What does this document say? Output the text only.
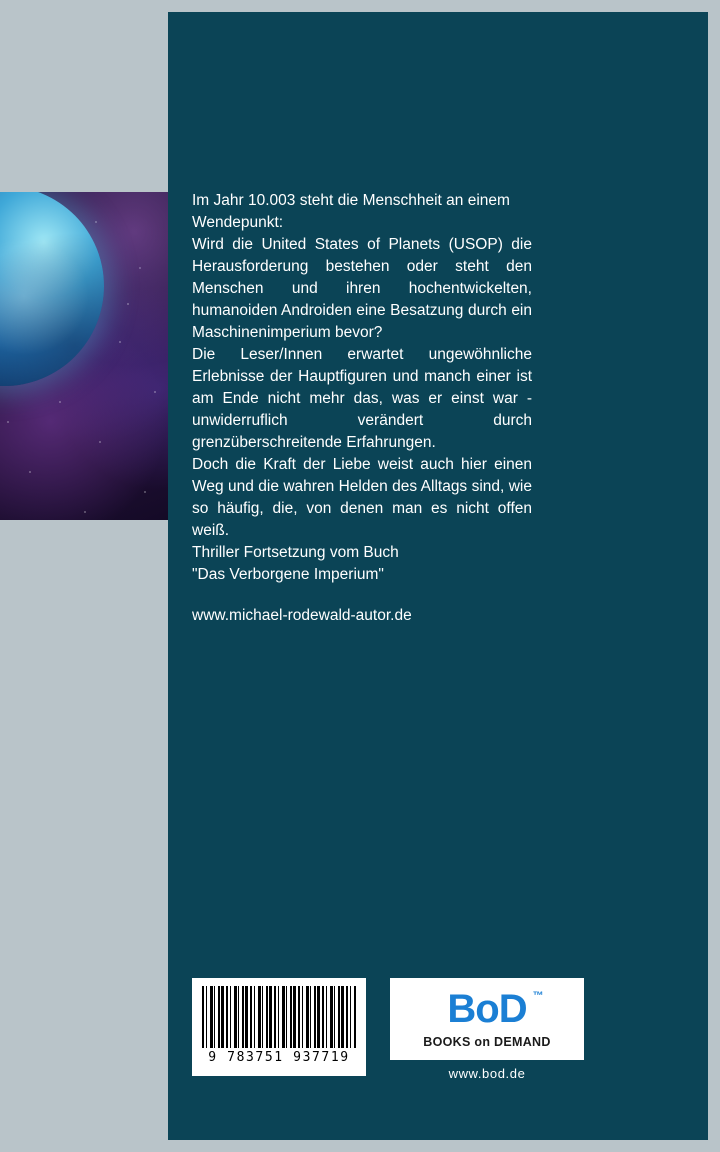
Im Jahr 10.003 steht die Menschheit an einem Wendepunkt:

Wird die United States of Planets (USOP) die Herausforderung bestehen oder steht den Menschen und ihren hochentwickelten, humanoiden Androiden eine Besatzung durch ein Maschinenimperium bevor?

Die Leser/Innen erwartet ungewöhnliche Erlebnisse der Hauptfiguren und manch einer ist am Ende nicht mehr das, was er einst war - unwiderruflich verändert durch grenzüberschreitende Erfahrungen.

Doch die Kraft der Liebe weist auch hier einen Weg und die wahren Helden des Alltags sind, wie so häufig, die, von denen man es nicht offen weiß.

Thriller Fortsetzung vom Buch

"Das Verborgene Imperium"

www.michael-rodewald-autor.de

9 783751 937719
BoD ™
BOOKS on DEMAND
www.bod.de
